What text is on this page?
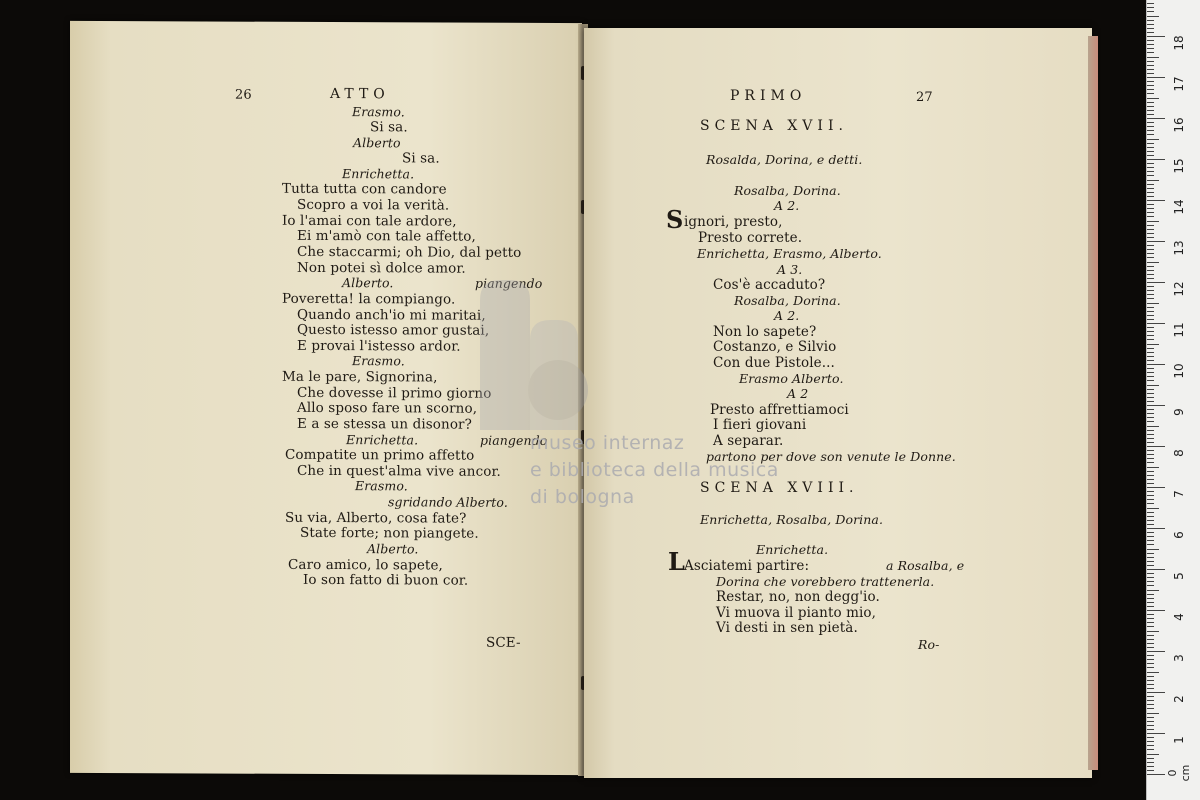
26	ATTO
Erasmo.
Si sa.
Alberto
Si sa.
Enrichetta.
Tutta tutta con candore
Scopro a voi la verità.
Io l'amai con tale ardore,
Ei m'amò con tale affetto,
Che staccarmi; oh Dio, dal petto
Non potei sì dolce amor.
Alberto.	piangendo
Poveretta! la compiango.
Quando anch'io mi maritai,
Questo istesso amor gustai,
E provai l'istesso ardor.
Erasmo.
Ma le pare, Signorina,
Che dovesse il primo giorno
Allo sposo fare un scorno,
E a se stessa un disonor?
Enrichetta.	piangendo
Compatite un primo affetto
Che in quest'alma vive ancor.
Erasmo.
sgridando Alberto.
Su via, Alberto, cosa fate?
State forte; non piangete.
Alberto.
Caro amico, lo sapete,
Io son fatto di buon cor.
SCE-
PRIMO	27
SCENA XVII.
Rosalda, Dorina, e detti.
Rosalba, Dorina.
A 2.
S ignori, presto,
Presto correte.
Enrichetta, Erasmo, Alberto.
A 3.
Cos'è accaduto?
Rosalba, Dorina.
A 2.
Non lo sapete?
Costanzo, e Silvio
Con due Pistole...
Erasmo Alberto.
A 2
Presto affrettiamoci
I fieri giovani
A separar.
partono per dove son venute le Donne.
SCENA XVIII.
Enrichetta, Rosalba, Dorina.
Enrichetta.
L Asciatemi partire:	a Rosalba, e
Dorina che vorebbero trattenerla.
Restar, no, non degg'io.
Vi muova il pianto mio,
Vi desti in sen pietà.
Ro-
museo internaz
e biblioteca della musica
di bologna
0 cm
1
2
3
4
5
6
7
8
9
10
11
12
13
14
15
16
17
18
